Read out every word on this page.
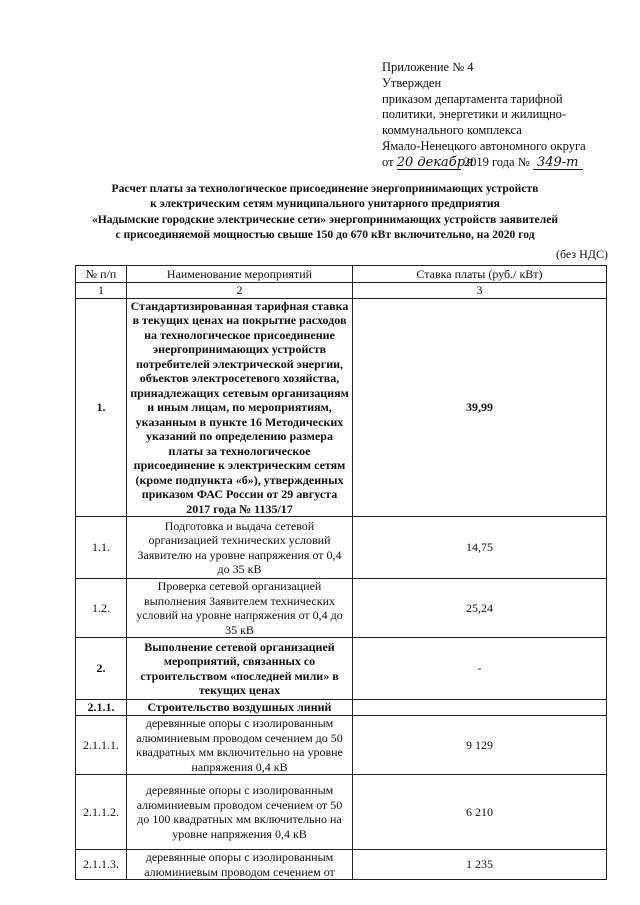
Приложение № 4
Утвержден
приказом департамента тарифной
политики, энергетики и жилищно-
коммунального комплекса
Ямало-Ненецкого автономного округа
от 20 декабря 2019 года № 349-т
Расчет платы за технологическое присоединение энергопринимающих устройств
к электрическим сетям муниципального унитарного предприятия
«Надымские городские электрические сети» энергопринимающих устройств заявителей
с присоединяемой мощностью свыше 150 до 670 кВт включительно, на 2020 год
(без НДС)
№ п/п	Наименование мероприятий	Ставка платы (руб./ кВт)
1	2	3
1.	Стандартизированная тарифная ставка в текущих ценах на покрытие расходов на технологическое присоединение энергопринимающих устройств потребителей электрической энергии, объектов электросетевого хозяйства, принадлежащих сетевым организациям и иным лицам, по мероприятиям, указанным в пункте 16 Методических указаний по определению размера платы за технологическое присоединение к электрическим сетям (кроме подпункта «б»), утвержденных приказом ФАС России от 29 августа 2017 года № 1135/17	39,99
1.1.	Подготовка и выдача сетевой организацией технических условий Заявителю на уровне напряжения от 0,4 до 35 кВ	14,75
1.2.	Проверка сетевой организацией выполнения Заявителем технических условий на уровне напряжения от 0,4 до 35 кВ	25,24
2.	Выполнение сетевой организацией мероприятий, связанных со строительством «последней мили» в текущих ценах	-
2.1.1.	Строительство воздушных линий	
2.1.1.1.	деревянные опоры с изолированным алюминиевым проводом сечением до 50 квадратных мм включительно на уровне напряжения 0,4 кВ	9 129
2.1.1.2.	деревянные опоры с изолированным алюминиевым проводом сечением от 50 до 100 квадратных мм включительно на уровне напряжения 0,4 кВ	6 210
2.1.1.3.	деревянные опоры с изолированным алюминиевым проводом сечением от	1 235
